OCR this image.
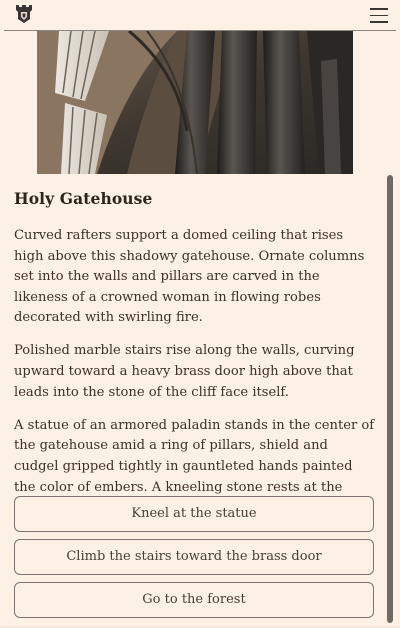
Holy Gatehouse

Curved rafters support a domed ceiling that rises high above this shadowy gatehouse. Ornate columns set into the walls and pillars are carved in the likeness of a crowned woman in flowing robes decorated with swirling fire.

Polished marble stairs rise along the walls, curving upward toward a heavy brass door high above that leads into the stone of the cliff face itself.

A statue of an armored paladin stands in the center of the gatehouse amid a ring of pillars, shield and cudgel gripped tightly in gauntleted hands painted the color of embers. A kneeling stone rests at the

Kneel at the statue
Climb the stairs toward the brass door
Go to the forest
